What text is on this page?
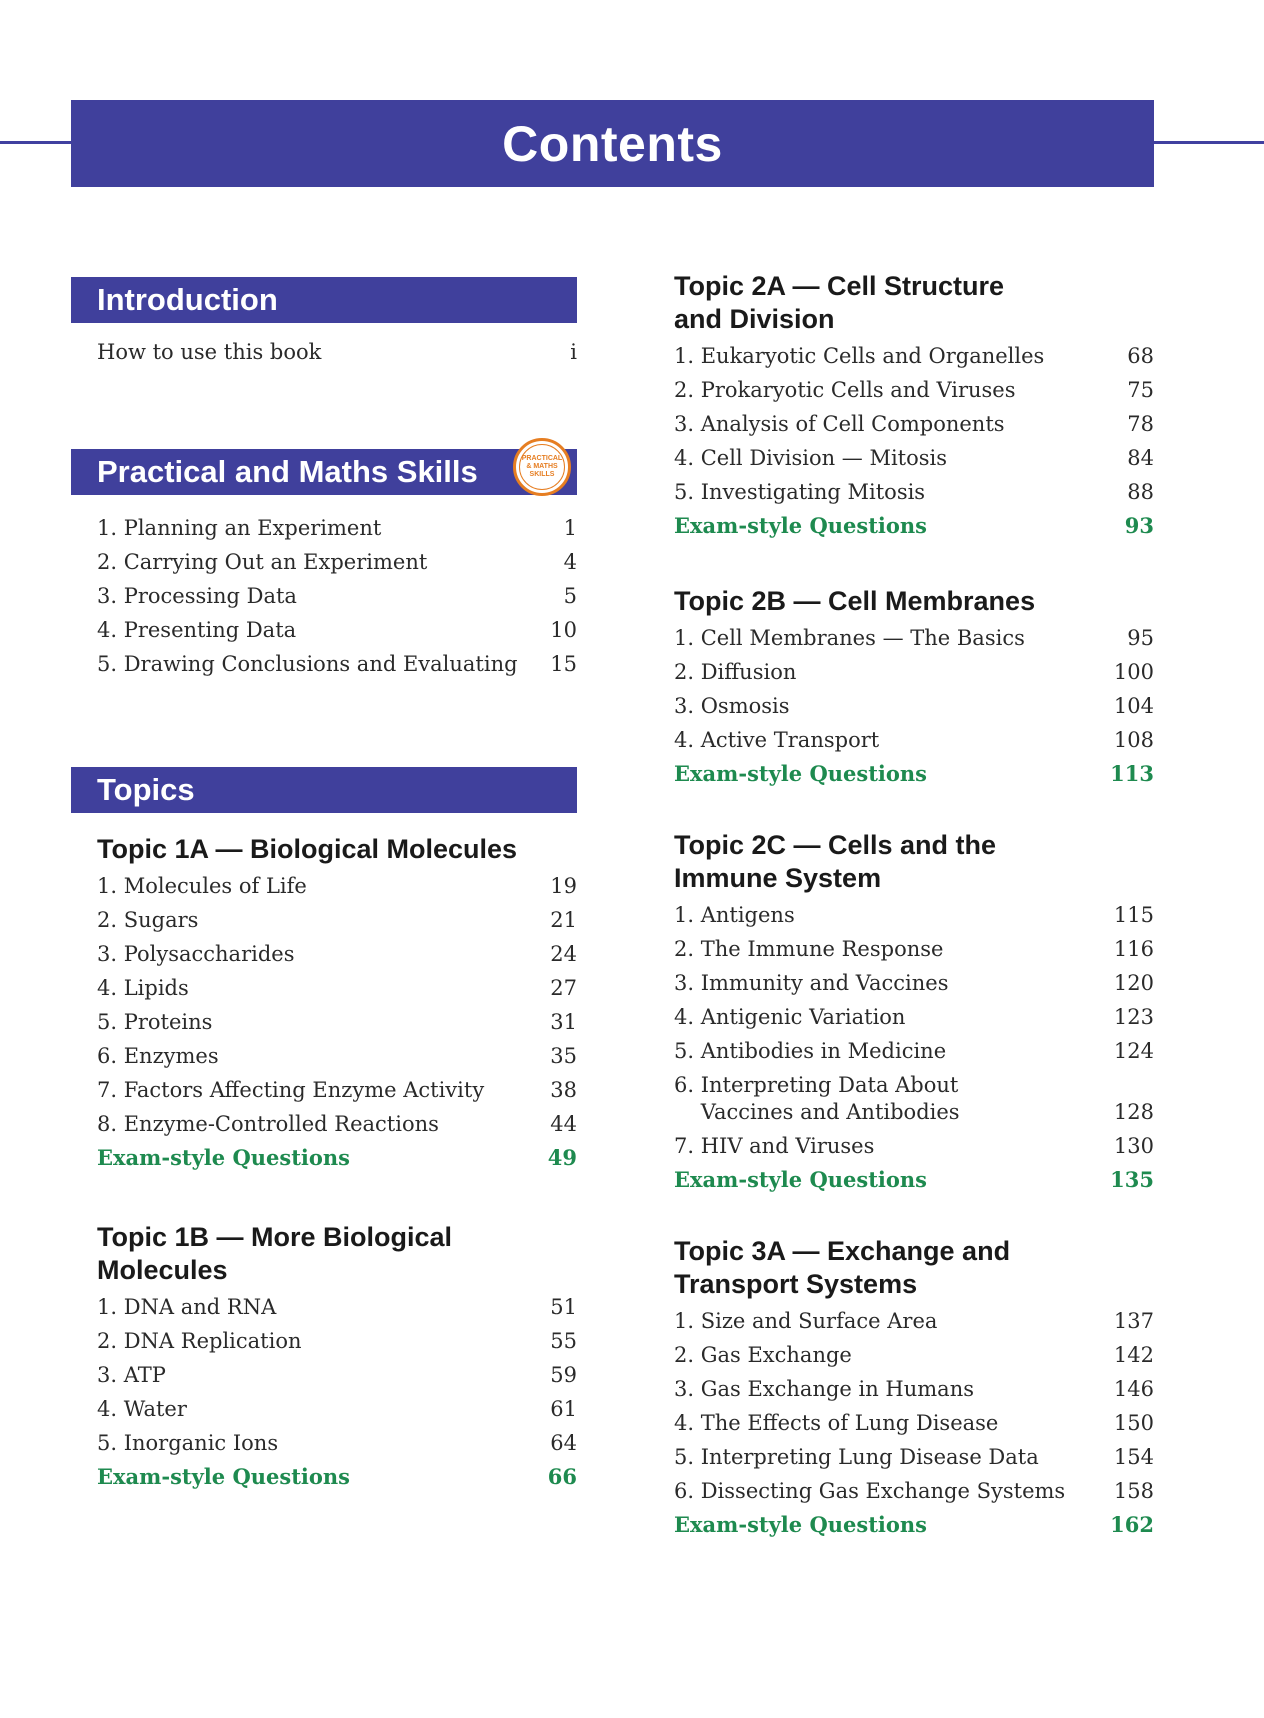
Contents
Introduction
How to use this book	i
Practical and Maths Skills	PRACTICAL & MATHS SKILLS
1. Planning an Experiment	1
2. Carrying Out an Experiment	4
3. Processing Data	5
4. Presenting Data	10
5. Drawing Conclusions and Evaluating	15
Topics
Topic 1A — Biological Molecules
1. Molecules of Life	19
2. Sugars	21
3. Polysaccharides	24
4. Lipids	27
5. Proteins	31
6. Enzymes	35
7. Factors Affecting Enzyme Activity	38
8. Enzyme-Controlled Reactions	44
Exam-style Questions	49
Topic 1B — More Biological
Molecules
1. DNA and RNA	51
2. DNA Replication	55
3. ATP	59
4. Water	61
5. Inorganic Ions	64
Exam-style Questions	66
Topic 2A — Cell Structure
and Division
1. Eukaryotic Cells and Organelles	68
2. Prokaryotic Cells and Viruses	75
3. Analysis of Cell Components	78
4. Cell Division — Mitosis	84
5. Investigating Mitosis	88
Exam-style Questions	93
Topic 2B — Cell Membranes
1. Cell Membranes — The Basics	95
2. Diffusion	100
3. Osmosis	104
4. Active Transport	108
Exam-style Questions	113
Topic 2C — Cells and the
Immune System
1. Antigens	115
2. The Immune Response	116
3. Immunity and Vaccines	120
4. Antigenic Variation	123
5. Antibodies in Medicine	124
6. Interpreting Data About
Vaccines and Antibodies	128
7. HIV and Viruses	130
Exam-style Questions	135
Topic 3A — Exchange and
Transport Systems
1. Size and Surface Area	137
2. Gas Exchange	142
3. Gas Exchange in Humans	146
4. The Effects of Lung Disease	150
5. Interpreting Lung Disease Data	154
6. Dissecting Gas Exchange Systems	158
Exam-style Questions	162
